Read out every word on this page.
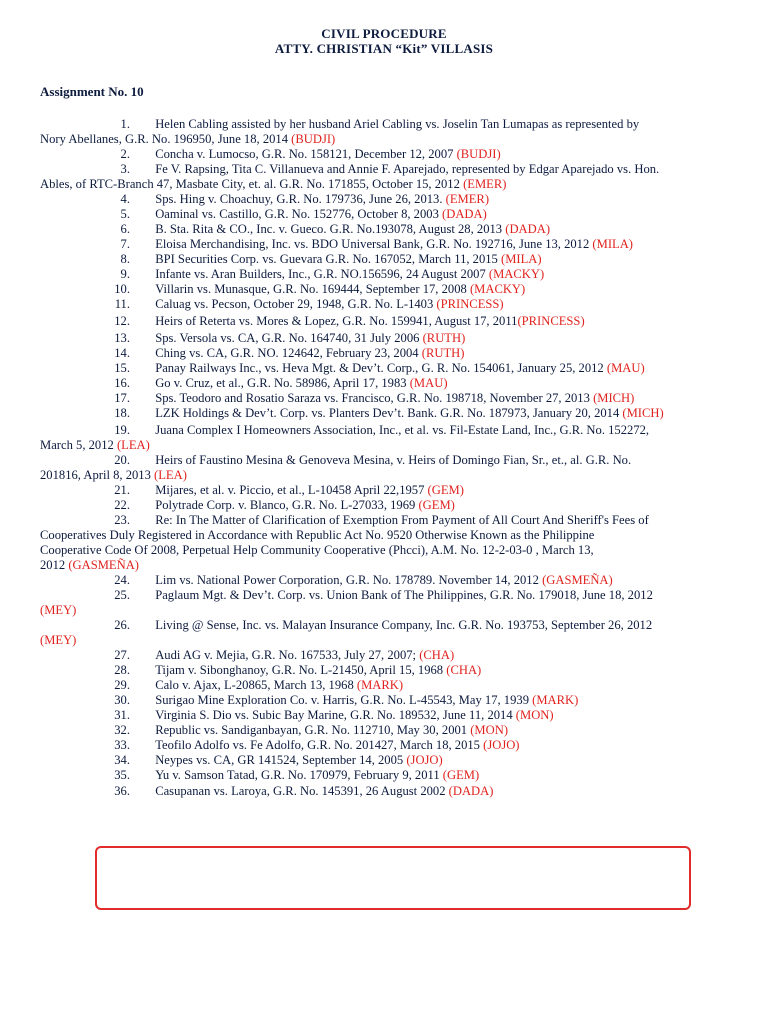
CIVIL PROCEDURE
ATTY. CHRISTIAN “Kit” VILLASIS
Assignment No. 10
1. Helen Cabling assisted by her husband Ariel Cabling vs. Joselin Tan Lumapas as represented by
Nory Abellanes, G.R. No. 196950, June 18, 2014 (BUDJI)
2. Concha v. Lumocso, G.R. No. 158121, December 12, 2007 (BUDJI)
3. Fe V. Rapsing, Tita C. Villanueva and Annie F. Aparejado, represented by Edgar Aparejado vs. Hon.
Ables, of RTC-Branch 47, Masbate City, et. al. G.R. No. 171855, October 15, 2012 (EMER)
4. Sps. Hing v. Choachuy, G.R. No. 179736, June 26, 2013. (EMER)
5. Oaminal vs. Castillo, G.R. No. 152776, October 8, 2003 (DADA)
6. B. Sta. Rita & CO., Inc. v. Gueco. G.R. No.193078, August 28, 2013 (DADA)
7. Eloisa Merchandising, Inc. vs. BDO Universal Bank, G.R. No. 192716, June 13, 2012 (MILA)
8. BPI Securities Corp. vs. Guevara G.R. No. 167052, March 11, 2015 (MILA)
9. Infante vs. Aran Builders, Inc., G.R. NO.156596, 24 August 2007 (MACKY)
10. Villarin vs. Munasque, G.R. No. 169444, September 17, 2008 (MACKY)
11. Caluag vs. Pecson, October 29, 1948, G.R. No. L-1403 (PRINCESS)
12. Heirs of Reterta vs. Mores & Lopez, G.R. No. 159941, August 17, 2011(PRINCESS)
13. Sps. Versola vs. CA, G.R. No. 164740, 31 July 2006 (RUTH)
14. Ching vs. CA, G.R. NO. 124642, February 23, 2004 (RUTH)
15. Panay Railways Inc., vs. Heva Mgt. & Dev’t. Corp., G. R. No. 154061, January 25, 2012 (MAU)
16. Go v. Cruz, et al., G.R. No. 58986, April 17, 1983 (MAU)
17. Sps. Teodoro and Rosatio Saraza vs. Francisco, G.R. No. 198718, November 27, 2013 (MICH)
18. LZK Holdings & Dev’t. Corp. vs. Planters Dev’t. Bank. G.R. No. 187973, January 20, 2014 (MICH)
19. Juana Complex I Homeowners Association, Inc., et al. vs. Fil-Estate Land, Inc., G.R. No. 152272,
March 5, 2012 (LEA)
20. Heirs of Faustino Mesina & Genoveva Mesina, v. Heirs of Domingo Fian, Sr., et., al. G.R. No.
201816, April 8, 2013 (LEA)
21. Mijares, et al. v. Piccio, et al., L-10458 April 22,1957 (GEM)
22. Polytrade Corp. v. Blanco, G.R. No. L-27033, 1969 (GEM)
23. Re: In The Matter of Clarification of Exemption From Payment of All Court And Sheriff's Fees of
Cooperatives Duly Registered in Accordance with Republic Act No. 9520 Otherwise Known as the Philippine
Cooperative Code Of 2008, Perpetual Help Community Cooperative (Phcci), A.M. No. 12-2-03-0 , March 13,
2012 (GASMEÑA)
24. Lim vs. National Power Corporation, G.R. No. 178789. November 14, 2012 (GASMEÑA)
25. Paglaum Mgt. & Dev’t. Corp. vs. Union Bank of The Philippines, G.R. No. 179018, June 18, 2012
(MEY)
26. Living @ Sense, Inc. vs. Malayan Insurance Company, Inc. G.R. No. 193753, September 26, 2012
(MEY)
27. Audi AG v. Mejia, G.R. No. 167533, July 27, 2007; (CHA)
28. Tijam v. Sibonghanoy, G.R. No. L-21450, April 15, 1968 (CHA)
29. Calo v. Ajax, L-20865, March 13, 1968 (MARK)
30. Surigao Mine Exploration Co. v. Harris, G.R. No. L-45543, May 17, 1939 (MARK)
31. Virginia S. Dio vs. Subic Bay Marine, G.R. No. 189532, June 11, 2014 (MON)
32. Republic vs. Sandiganbayan, G.R. No. 112710, May 30, 2001 (MON)
33. Teofilo Adolfo vs. Fe Adolfo, G.R. No. 201427, March 18, 2015 (JOJO)
34. Neypes vs. CA, GR 141524, September 14, 2005 (JOJO)
35. Yu v. Samson Tatad, G.R. No. 170979, February 9, 2011 (GEM)
36. Casupanan vs. Laroya, G.R. No. 145391, 26 August 2002 (DADA)
